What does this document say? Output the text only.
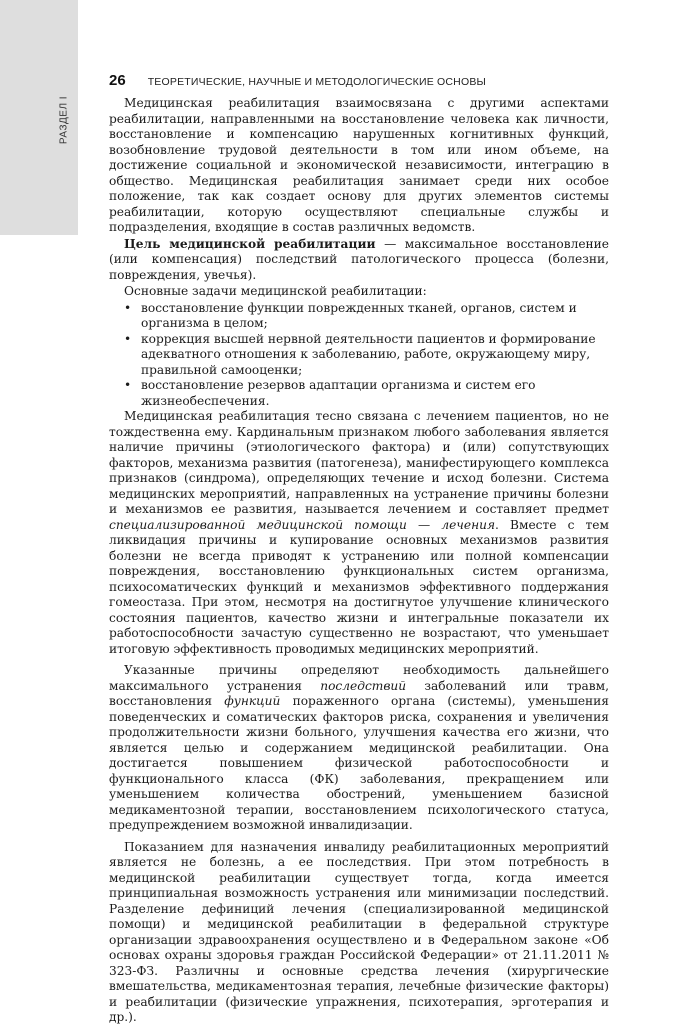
РАЗДЕЛ I
26 ТЕОРЕТИЧЕСКИЕ, НАУЧНЫЕ И МЕТОДОЛОГИЧЕСКИЕ ОСНОВЫ

Медицинская реабилитация взаимосвязана с другими аспектами реабилитации, направленными на восстановление человека как личности, восстановление и компенсацию нарушенных когнитивных функций, возобновление трудовой деятельности в том или ином объеме, на достижение социальной и экономической независимости, интеграцию в общество. Медицинская реабилитация занимает среди них особое положение, так как создает основу для других элементов системы реабилитации, которую осуществляют специальные службы и подразделения, входящие в состав различных ведомств.

Цель медицинской реабилитации — максимальное восстановление (или компенсация) последствий патологического процесса (болезни, повреждения, увечья).

Основные задачи медицинской реабилитации:

• восстановление функции поврежденных тканей, органов, систем и организма в целом;
• коррекция высшей нервной деятельности пациентов и формирование адекватного отношения к заболеванию, работе, окружающему миру, правильной самооценки;
• восстановление резервов адаптации организма и систем его жизнеобеспечения.

Медицинская реабилитация тесно связана с лечением пациентов, но не тождественна ему. Кардинальным признаком любого заболевания является наличие причины (этиологического фактора) и (или) сопутствующих факторов, механизма развития (патогенеза), манифестирующего комплекса признаков (синдрома), определяющих течение и исход болезни. Система медицинских мероприятий, направленных на устранение причины болезни и механизмов ее развития, называется лечением и составляет предмет специализированной медицинской помощи — лечения. Вместе с тем ликвидация причины и купирование основных механизмов развития болезни не всегда приводят к устранению или полной компенсации повреждения, восстановлению функциональных систем организма, психосоматических функций и механизмов эффективного поддержания гомеостаза. При этом, несмотря на достигнутое улучшение клинического состояния пациентов, качество жизни и интегральные показатели их работоспособности зачастую существенно не возрастают, что уменьшает итоговую эффективность проводимых медицинских мероприятий.

Указанные причины определяют необходимость дальнейшего максимального устранения последствий заболеваний или травм, восстановления функций пораженного органа (системы), уменьшения поведенческих и соматических факторов риска, сохранения и увеличения продолжительности жизни больного, улучшения качества его жизни, что является целью и содержанием медицинской реабилитации. Она достигается повышением физической работоспособности и функционального класса (ФК) заболевания, прекращением или уменьшением количества обострений, уменьшением базисной медикаментозной терапии, восстановлением психологического статуса, предупреждением возможной инвалидизации.

Показанием для назначения инвалиду реабилитационных мероприятий является не болезнь, а ее последствия. При этом потребность в медицинской реабилитации существует тогда, когда имеется принципиальная возможность устранения или минимизации последствий. Разделение дефиниций лечения (специализированной медицинской помощи) и медицинской реабилитации в федеральной структуре организации здравоохранения осуществлено и в Федеральном законе «Об основах охраны здоровья граждан Российской Федерации» от 21.11.2011 № 323-ФЗ. Различны и основные средства лечения (хирургические вмешательства, медикаментозная терапия, лечебные физические факторы) и реабилитации (физические упражнения, психотерапия, эрготерапия и др.).
